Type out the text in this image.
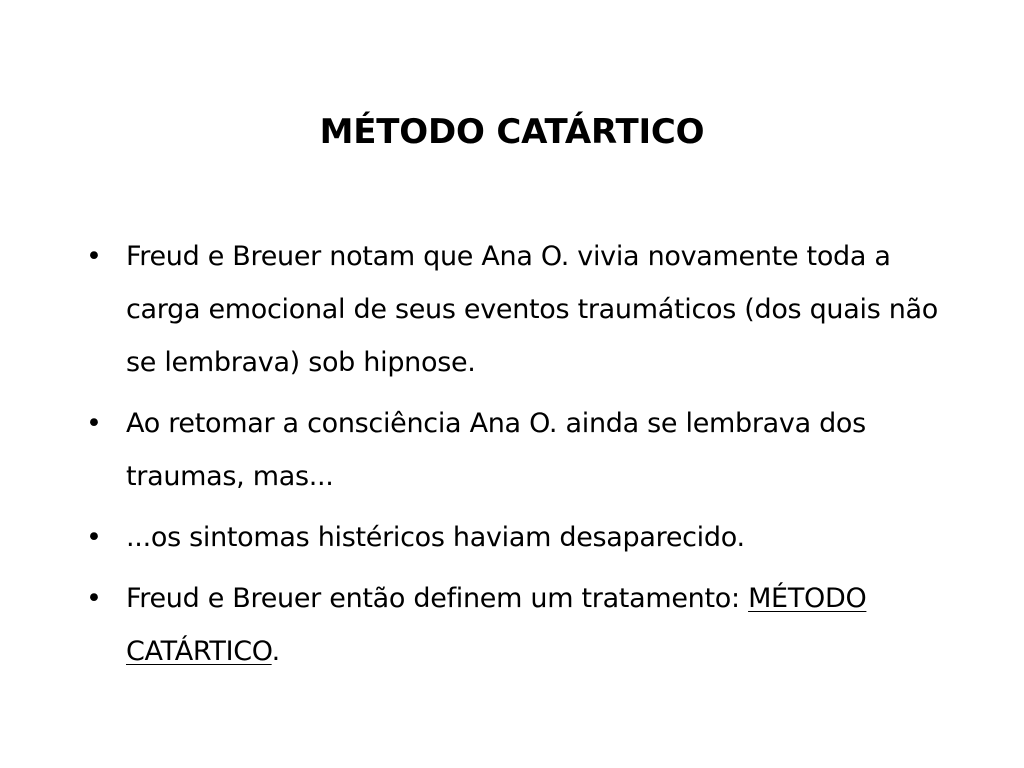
MÉTODO CATÁRTICO
• Freud e Breuer notam que Ana O. vivia novamente toda a carga emocional de seus eventos traumáticos (dos quais não se lembrava) sob hipnose.
• Ao retomar a consciência Ana O. ainda se lembrava dos traumas, mas...
• ...os sintomas histéricos haviam desaparecido.
• Freud e Breuer então definem um tratamento: MÉTODO CATÁRTICO.
